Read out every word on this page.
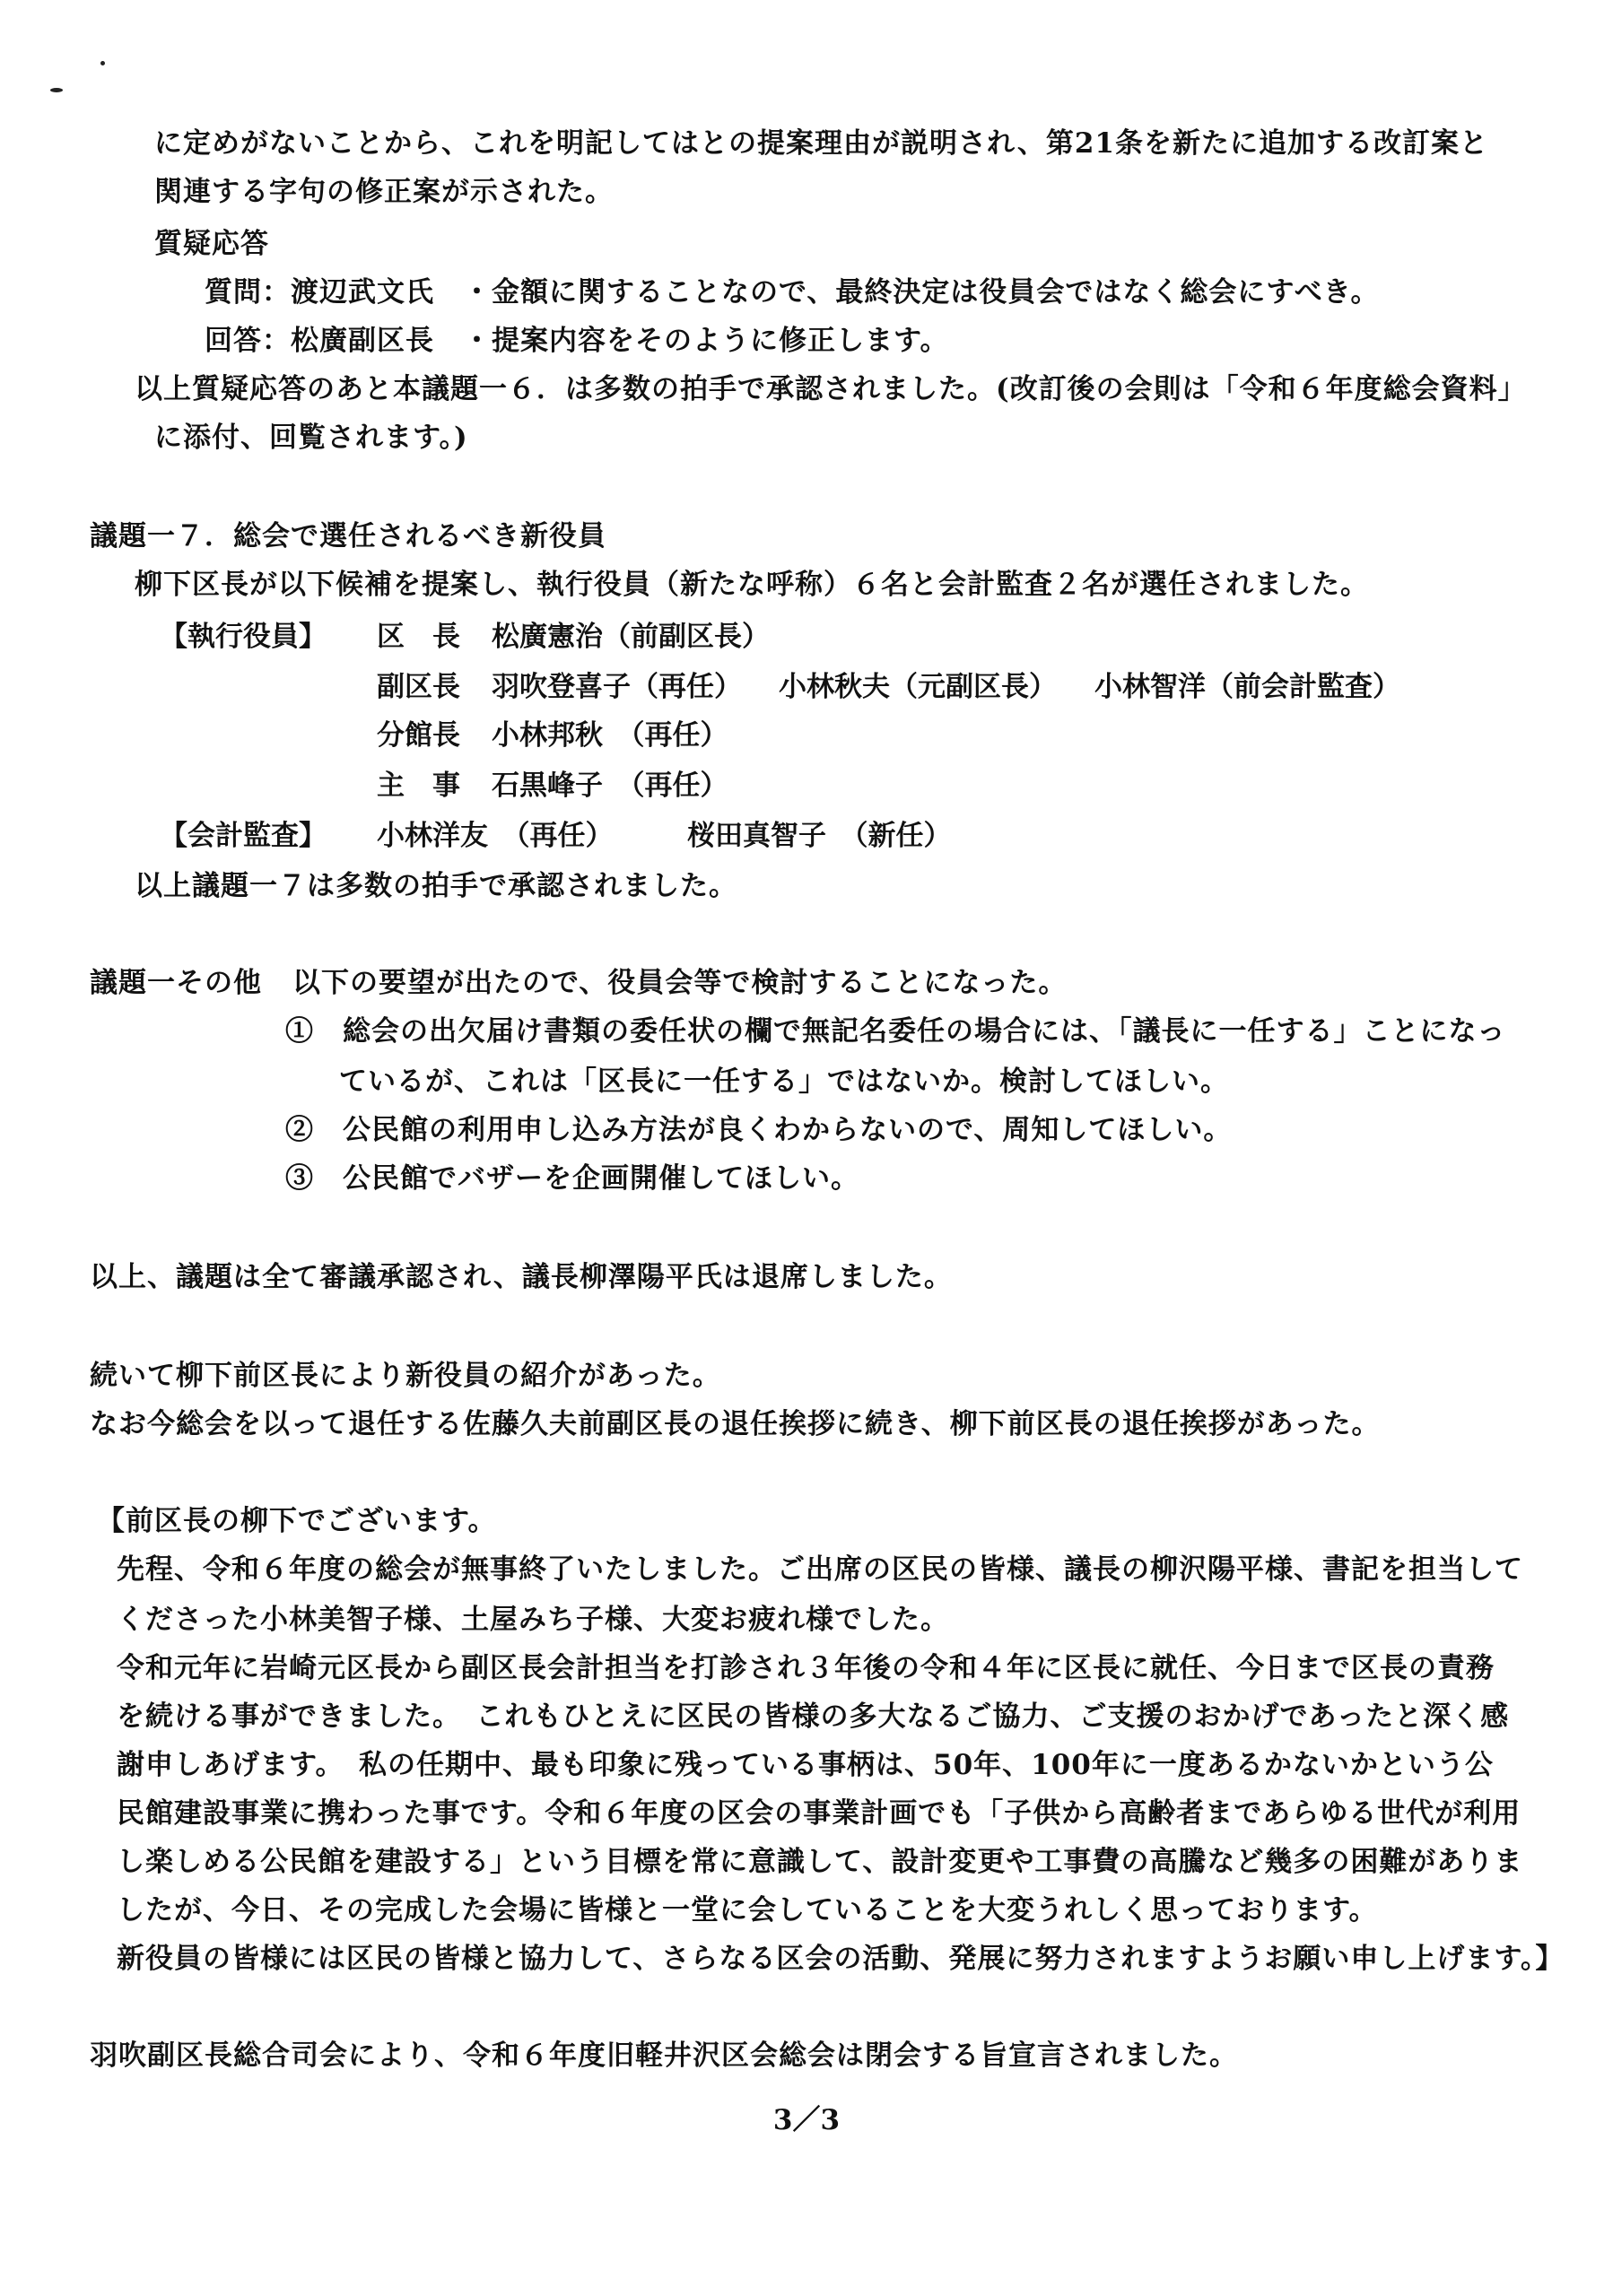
に定めがないことから、これを明記してはとの提案理由が説明され、第21条を新たに追加する改訂案と
関連する字句の修正案が示された。
質疑応答
質問：渡辺武文氏　・金額に関することなので、最終決定は役員会ではなく総会にすべき。
回答：松廣副区長　・提案内容をそのように修正します。
以上質疑応答のあと本議題一６．は多数の拍手で承認されました。(改訂後の会則は「令和６年度総会資料」
に添付、回覧されます。)
議題一７．総会で選任されるべき新役員
柳下区長が以下候補を提案し、執行役員（新たな呼称）６名と会計監査２名が選任されました。
【執行役員】 区　長 松廣憲治（前副区長）
副区長 羽吹登喜子（再任） 小林秋夫（元副区長） 小林智洋（前会計監査）
分館長 小林邦秋　（再任）
主　事 石黒峰子　（再任）
【会計監査】 小林洋友　（再任）	桜田真智子　（新任）
以上議題一７は多数の拍手で承認されました。
議題一その他 以下の要望が出たので、役員会等で検討することになった。
①　総会の出欠届け書類の委任状の欄で無記名委任の場合には、「議長に一任する」ことになっ
ているが、これは「区長に一任する」ではないか。検討してほしい。
②　公民館の利用申し込み方法が良くわからないので、周知してほしい。
③　公民館でバザーを企画開催してほしい。
以上、議題は全て審議承認され、議長柳澤陽平氏は退席しました。
続いて柳下前区長により新役員の紹介があった。
なお今総会を以って退任する佐藤久夫前副区長の退任挨拶に続き、柳下前区長の退任挨拶があった。
【前区長の柳下でございます。
先程、令和６年度の総会が無事終了いたしました。ご出席の区民の皆様、議長の柳沢陽平様、書記を担当して
くださった小林美智子様、土屋みち子様、大変お疲れ様でした。
令和元年に岩崎元区長から副区長会計担当を打診され３年後の令和４年に区長に就任、今日まで区長の責務
を続ける事ができました。　これもひとえに区民の皆様の多大なるご協力、ご支援のおかげであったと深く感
謝申しあげます。　私の任期中、最も印象に残っている事柄は、50年、100年に一度あるかないかという公
民館建設事業に携わった事です。令和６年度の区会の事業計画でも「子供から高齢者まであらゆる世代が利用
し楽しめる公民館を建設する」という目標を常に意識して、設計変更や工事費の高騰など幾多の困難がありま
したが、今日、その完成した会場に皆様と一堂に会していることを大変うれしく思っております。
新役員の皆様には区民の皆様と協力して、さらなる区会の活動、発展に努力されますようお願い申し上げます。】
羽吹副区長総合司会により、令和６年度旧軽井沢区会総会は閉会する旨宣言されました。
3／3
